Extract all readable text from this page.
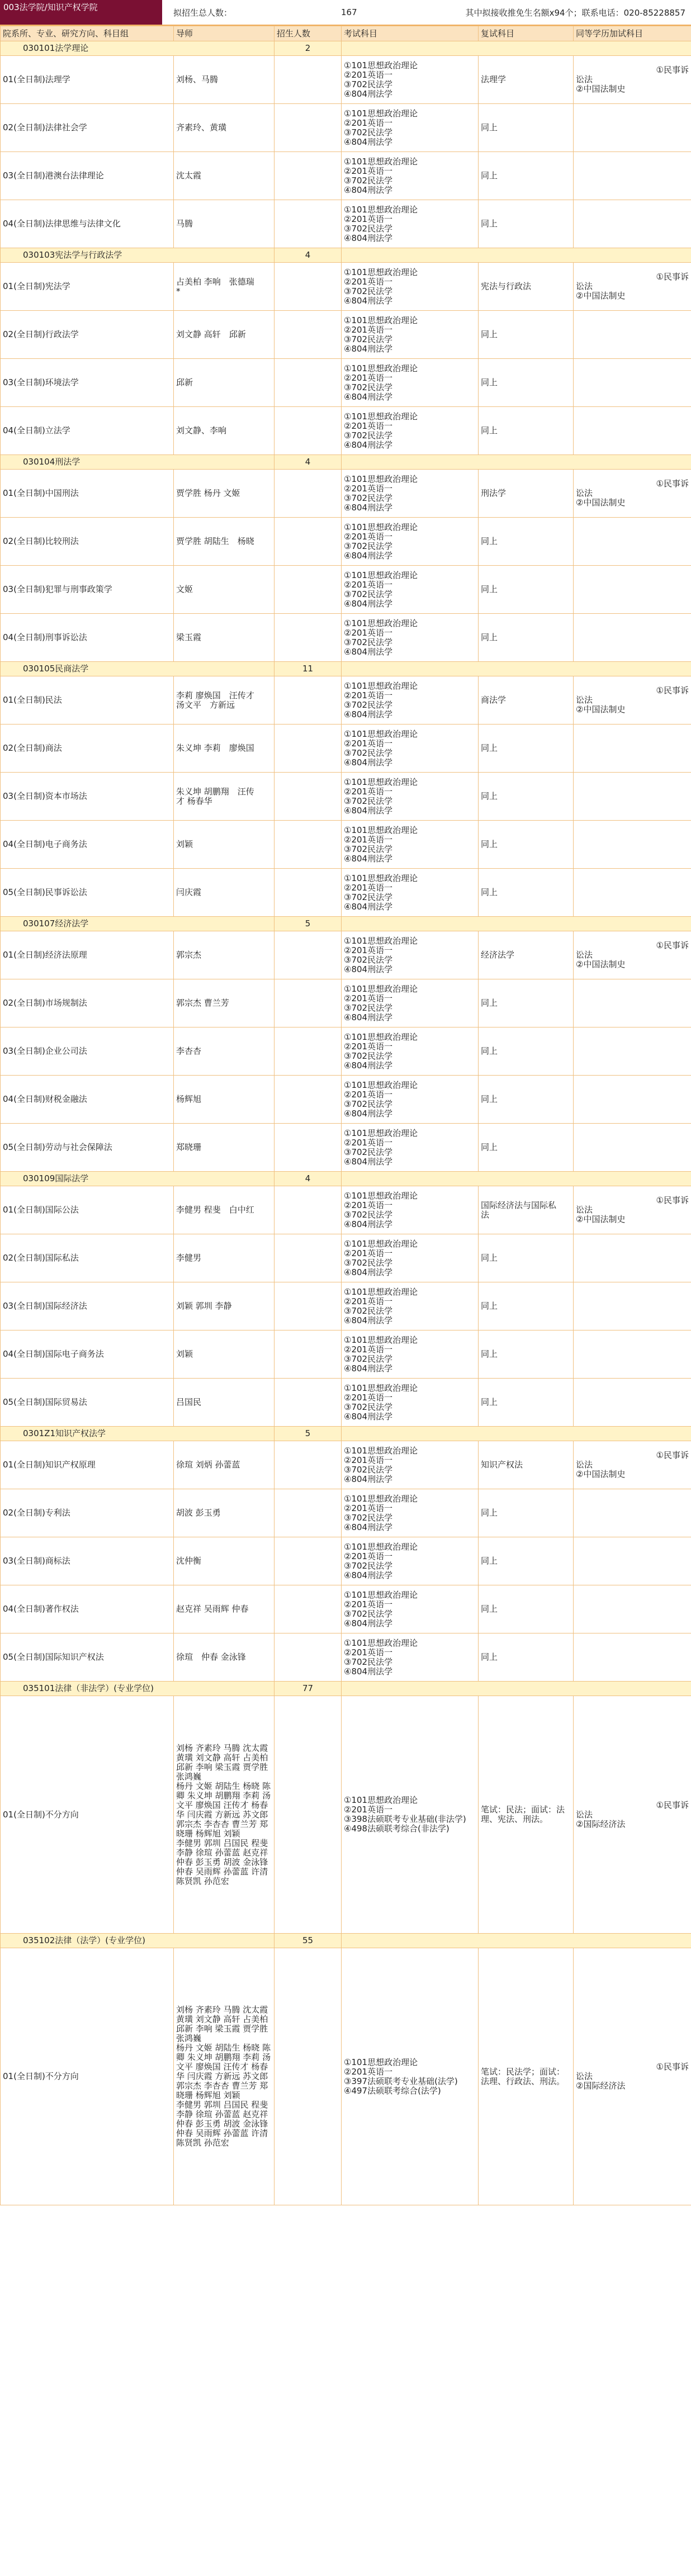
003法学院/知识产权学院
拟招生总人数：	167	其中拟接收推免生名额x94个；联系电话：020-85228857
院系所、专业、研究方向、科目组	导师	招生人数	考试科目	复试科目	同等学历加试科目
030101法学理论		2			
01(全日制)法理学	刘杨、马腾		①101思想政治理论
②201英语一
③702民法学
④804刑法学	法理学	①民事诉
讼法
②中国法制史

02(全日制)法律社会学	齐素玲、黄璜		①101思想政治理论
②201英语一
③702民法学
④804刑法学	同上	
03(全日制)港澳台法律理论	沈太霞		①101思想政治理论
②201英语一
③702民法学
④804刑法学	同上	
04(全日制)法律思维与法律文化	马腾		①101思想政治理论
②201英语一
③702民法学
④804刑法学	同上	
030103宪法学与行政法学		4			
01(全日制)宪法学	占美柏 李响　张德瑞
*		①101思想政治理论
②201英语一
③702民法学
④804刑法学	宪法与行政法	①民事诉
讼法
②中国法制史

02(全日制)行政法学	刘文静 高轩　邱新		①101思想政治理论
②201英语一
③702民法学
④804刑法学	同上	
03(全日制)环境法学	邱新		①101思想政治理论
②201英语一
③702民法学
④804刑法学	同上	
04(全日制)立法学	刘文静、李响		①101思想政治理论
②201英语一
③702民法学
④804刑法学	同上	
030104刑法学		4			
01(全日制)中国刑法	贾学胜 杨丹 文姬		①101思想政治理论
②201英语一
③702民法学
④804刑法学	刑法学	①民事诉
讼法
②中国法制史

02(全日制)比较刑法	贾学胜 胡陆生　杨晓		①101思想政治理论
②201英语一
③702民法学
④804刑法学	同上	
03(全日制)犯罪与刑事政策学	文姬		①101思想政治理论
②201英语一
③702民法学
④804刑法学	同上	
04(全日制)刑事诉讼法	梁玉霞		①101思想政治理论
②201英语一
③702民法学
④804刑法学	同上	
030105民商法学		11			
01(全日制)民法	李莉 廖焕国　汪传才
汤文平　方新远		①101思想政治理论
②201英语一
③702民法学
④804刑法学	商法学	①民事诉
讼法
②中国法制史

02(全日制)商法	朱义坤 李莉　廖焕国		①101思想政治理论
②201英语一
③702民法学
④804刑法学	同上	
03(全日制)资本市场法	朱义坤 胡鹏翔　汪传
才 杨春华		①101思想政治理论
②201英语一
③702民法学
④804刑法学	同上	
04(全日制)电子商务法	刘颖		①101思想政治理论
②201英语一
③702民法学
④804刑法学	同上	
05(全日制)民事诉讼法	闫庆霞		①101思想政治理论
②201英语一
③702民法学
④804刑法学	同上	
030107经济法学		5			
01(全日制)经济法原理	郭宗杰		①101思想政治理论
②201英语一
③702民法学
④804刑法学	经济法学	①民事诉
讼法
②中国法制史

02(全日制)市场规制法	郭宗杰 曹兰芳		①101思想政治理论
②201英语一
③702民法学
④804刑法学	同上	
03(全日制)企业公司法	李杏杏		①101思想政治理论
②201英语一
③702民法学
④804刑法学	同上	
04(全日制)财税金融法	杨辉旭		①101思想政治理论
②201英语一
③702民法学
④804刑法学	同上	
05(全日制)劳动与社会保障法	郑晓珊		①101思想政治理论
②201英语一
③702民法学
④804刑法学	同上	
030109国际法学		4			
01(全日制)国际公法	李健男 程斐　白中红		①101思想政治理论
②201英语一
③702民法学
④804刑法学	国际经济法与国际私
法	①民事诉
讼法
②中国法制史

02(全日制)国际私法	李健男		①101思想政治理论
②201英语一
③702民法学
④804刑法学	同上	
03(全日制)国际经济法	刘颖 郭圳 李静		①101思想政治理论
②201英语一
③702民法学
④804刑法学	同上	
04(全日制)国际电子商务法	刘颖		①101思想政治理论
②201英语一
③702民法学
④804刑法学	同上	
05(全日制)国际贸易法	吕国民		①101思想政治理论
②201英语一
③702民法学
④804刑法学	同上	
0301Z1知识产权法学		5			
01(全日制)知识产权原理	徐瑄 刘炳 孙蕾蓝		①101思想政治理论
②201英语一
③702民法学
④804刑法学	知识产权法	①民事诉
讼法
②中国法制史

02(全日制)专利法	胡波 彭玉勇		①101思想政治理论
②201英语一
③702民法学
④804刑法学	同上	
03(全日制)商标法	沈仲衡		①101思想政治理论
②201英语一
③702民法学
④804刑法学	同上	
04(全日制)著作权法	赵克祥 吴雨辉 仲春		①101思想政治理论
②201英语一
③702民法学
④804刑法学	同上	
05(全日制)国际知识产权法	徐瑄　仲春 金泳锋		①101思想政治理论
②201英语一
③702民法学
④804刑法学	同上	
035101法律（非法学）(专业学位)		77			
01(全日制)不分方向	刘杨 齐素玲 马腾 沈太霞 黄璜 刘文静 高轩 占美柏 邱新 李响 梁玉霞 贾学胜 张鸿巍
杨丹 文姬 胡陆生 杨晓 陈卿 朱义坤 胡鹏翔 李莉 汤文平 廖焕国 汪传才 杨春华 闫庆霞 方新远 苏文郎 郭宗杰 李杏杏 曹兰芳 郑晓珊 杨辉旭 刘颖
李健男 郭圳 吕国民 程斐 李静 徐瑄 孙蕾蓝 赵克祥 仲春 彭玉勇 胡波 金泳锋 仲春 吴雨辉 孙蕾蓝 许清 陈贤凯 孙范宏		①101思想政治理论
②201英语一
③398法硕联考专业基础(非法学)
④498法硕联考综合(非法学)	笔试：民法；面试：法理、宪法、刑法。	①民事诉
讼法
②国际经济法

035102法律（法学）(专业学位)		55			
01(全日制)不分方向	刘杨 齐素玲 马腾 沈太霞 黄璜 刘文静 高轩 占美柏 邱新 李响 梁玉霞 贾学胜 张鸿巍
杨丹 文姬 胡陆生 杨晓 陈卿 朱义坤 胡鹏翔 李莉 汤文平 廖焕国 汪传才 杨春华 闫庆霞 方新远 苏文郎 郭宗杰 李杏杏 曹兰芳 郑晓珊 杨辉旭 刘颖
李健男 郭圳 吕国民 程斐 李静 徐瑄 孙蕾蓝 赵克祥 仲春 彭玉勇 胡波 金泳锋 仲春 吴雨辉 孙蕾蓝 许清 陈贤凯 孙范宏		①101思想政治理论
②201英语一
③397法硕联考专业基础(法学)
④497法硕联考综合(法学)	笔试：民法学；面试：法理、行政法、刑法。	①民事诉
讼法
②国际经济法
